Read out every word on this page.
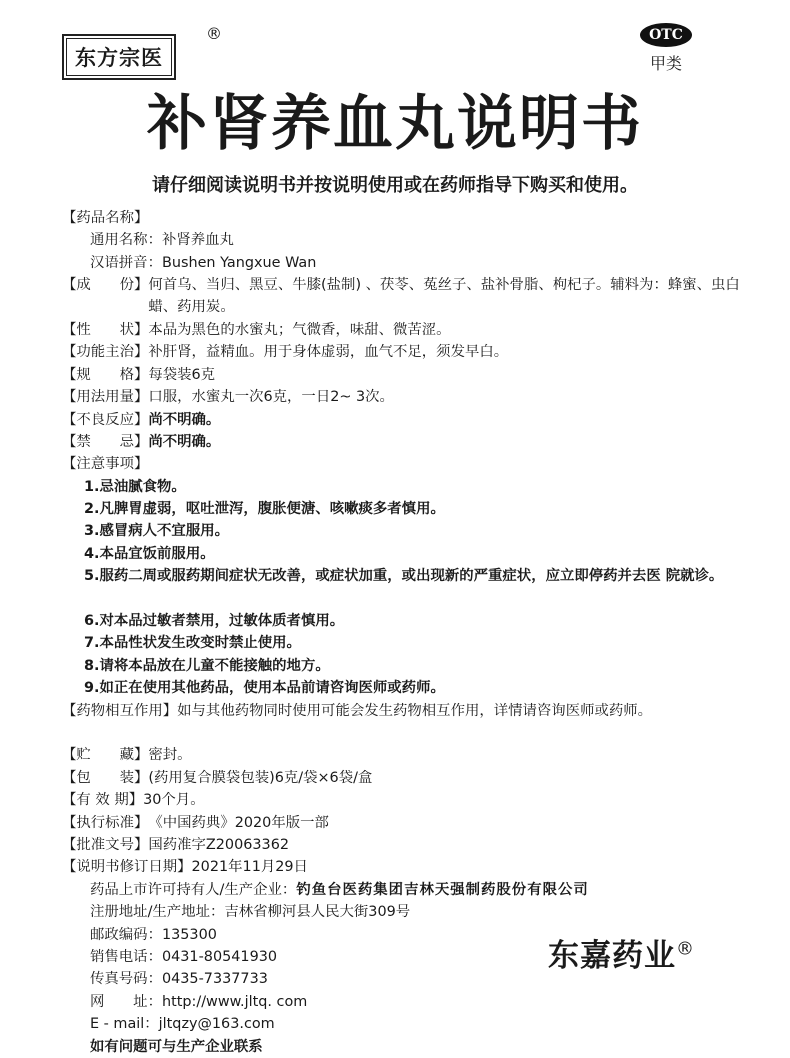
东方宗医
®	OTC
甲类
补肾养血丸说明书
请仔细阅读说明书并按说明使用或在药师指导下购买和使用。
【药品名称】
通用名称： 补肾养血丸
汉语拼音： Bushen Yangxue Wan
【成　　份】 何首乌、当归、黑豆、牛膝(盐制) 、茯苓、菟丝子、盐补骨脂、枸杞子。辅料为：蜂蜜、虫白蜡、药用炭。
【性　　状】 本品为黑色的水蜜丸；气微香，味甜、微苦涩。
【功能主治】 补肝肾，益精血。用于身体虚弱，血气不足，须发早白。
【规　　格】 每袋装6克
【用法用量】 口服，水蜜丸一次6克，一日2~ 3次。
【不良反应】 尚不明确。
【禁　　忌】 尚不明确。
【注意事项】
1.忌油腻食物。
2.凡脾胃虚弱，呕吐泄泻，腹胀便溏、咳嗽痰多者慎用。
3.感冒病人不宜服用。
4.本品宜饭前服用。
5.服药二周或服药期间症状无改善，或症状加重，或出现新的严重症状，应立即停药并去医 院就诊。
6.对本品过敏者禁用，过敏体质者慎用。
7.本品性状发生改变时禁止使用。
8.请将本品放在儿童不能接触的地方。
9.如正在使用其他药品，使用本品前请咨询医师或药师。
【药物相互作用】如与其他药物同时使用可能会发生药物相互作用，详情请咨询医师或药师。
【贮　　藏】 密封。
【包　　装】 (药用复合膜袋包装)6克/袋×6袋/盒
【有 效 期】 30个月。
【执行标准】 《中国药典》2020年版一部
【批准文号】 国药准字Z20063362
【说明书修订日期】 2021年11月29日
药品上市许可持有人/生产企业： 钓鱼台医药集团吉林天强制药股份有限公司
注册地址/生产地址： 吉林省柳河县人民大街309号
邮政编码： 135300
销售电话： 0431-80541930
传真号码： 0435-7337733
网　　址： http://www.jltq. com
E - mail： jltqzy@163.com
如有问题可与生产企业联系
东嘉药业®
